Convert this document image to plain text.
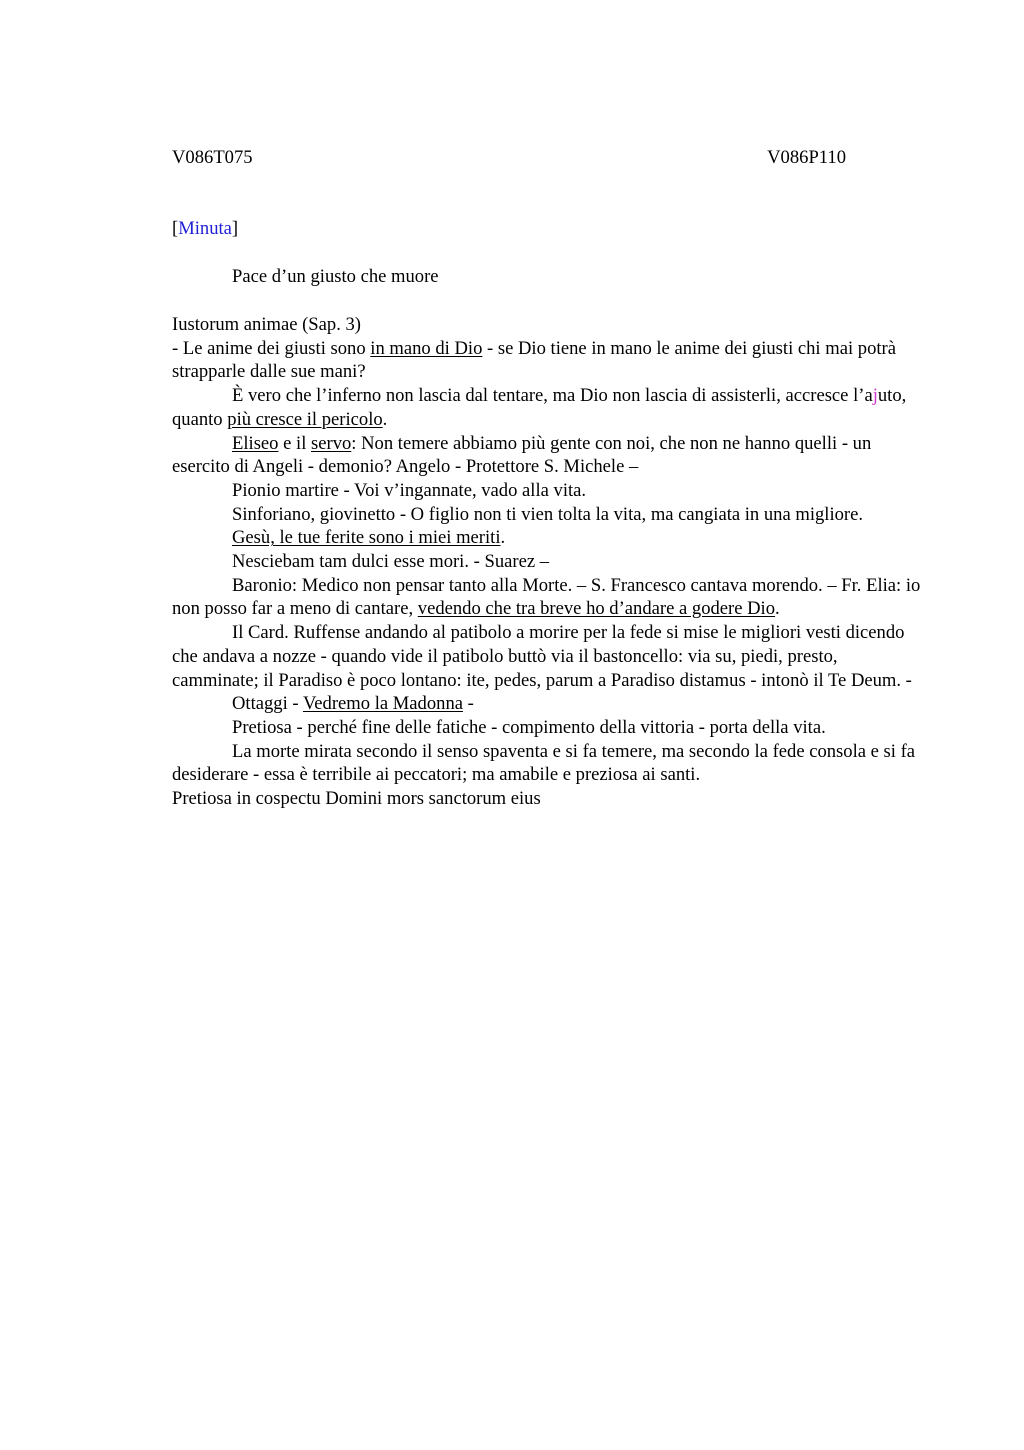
V086T075	V086P110
[Minuta]
Pace d’un giusto che muore

Iustorum animae (Sap. 3)

- Le anime dei giusti sono in mano di Dio - se Dio tiene in mano le anime dei giusti chi mai potrà strapparle dalle sue mani?

È vero che l’inferno non lascia dal tentare, ma Dio non lascia di assisterli, accresce l’ajuto, quanto più cresce il pericolo.

Eliseo e il servo: Non temere abbiamo più gente con noi, che non ne hanno quelli - un esercito di Angeli - demonio? Angelo - Protettore S. Michele –

Pionio martire - Voi v’ingannate, vado alla vita.

Sinforiano, giovinetto - O figlio non ti vien tolta la vita, ma cangiata in una migliore.

Gesù, le tue ferite sono i miei meriti.

Nesciebam tam dulci esse mori. - Suarez –

Baronio: Medico non pensar tanto alla Morte. – S. Francesco cantava morendo. – Fr. Elia: io non posso far a meno di cantare, vedendo che tra breve ho d’andare a godere Dio.

Il Card. Ruffense andando al patibolo a morire per la fede si mise le migliori vesti dicendo che andava a nozze - quando vide il patibolo buttò via il bastoncello: via su, piedi, presto, camminate; il Paradiso è poco lontano: ite, pedes, parum a Paradiso distamus - intonò il Te Deum. -

Ottaggi - Vedremo la Madonna -

Pretiosa - perché fine delle fatiche - compimento della vittoria - porta della vita.

La morte mirata secondo il senso spaventa e si fa temere, ma secondo la fede consola e si fa desiderare - essa è terribile ai peccatori; ma amabile e preziosa ai santi.

Pretiosa in cospectu Domini mors sanctorum eius
